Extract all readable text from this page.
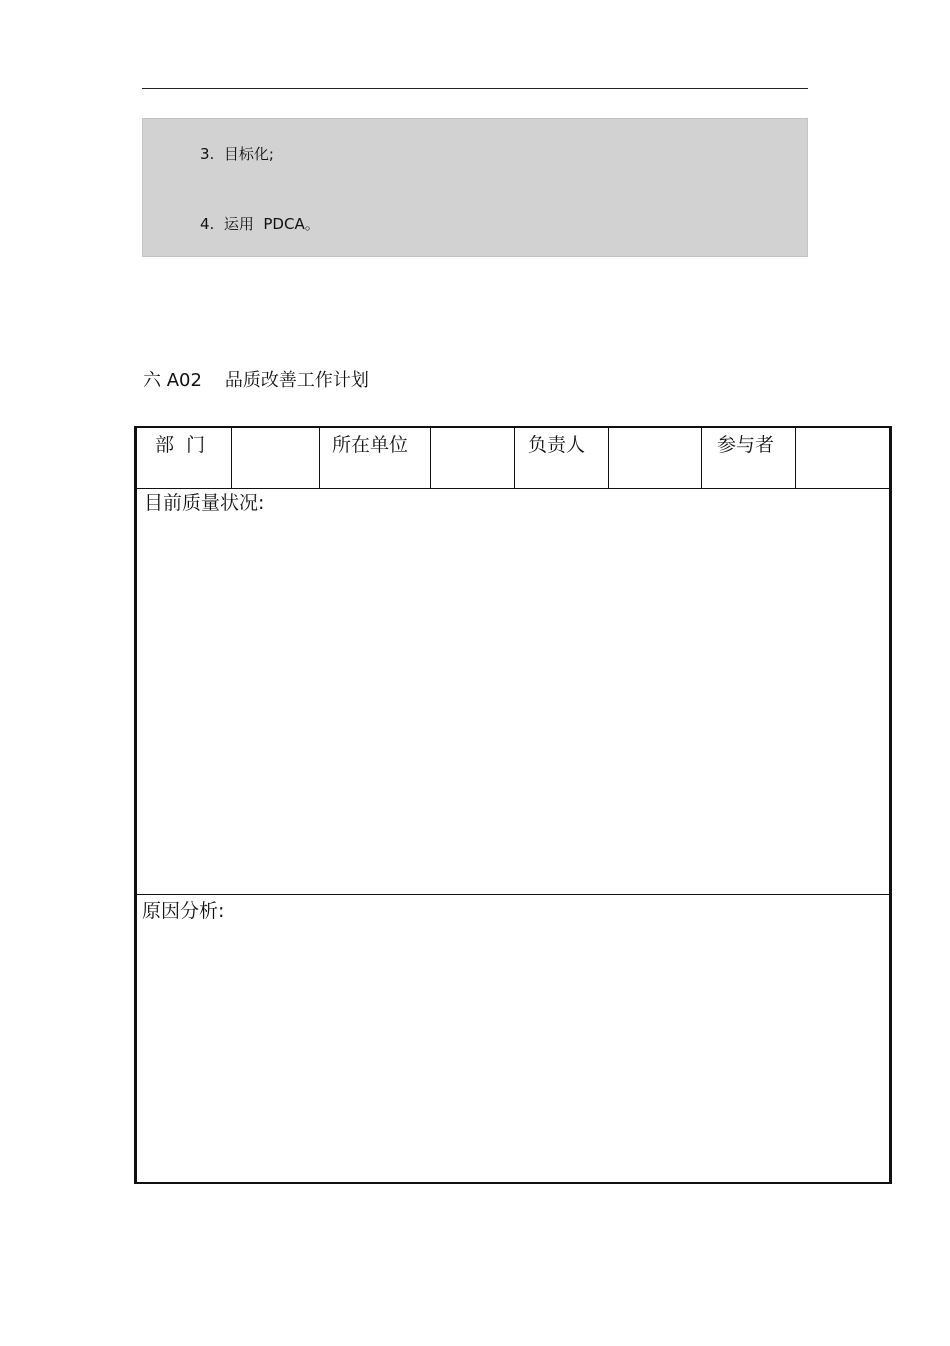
3.  目标化;
4.  运用  PDCA。
六 A02    品质改善工作计划
部  门	所在单位	负责人	参与者
目前质量状况:
原因分析:
